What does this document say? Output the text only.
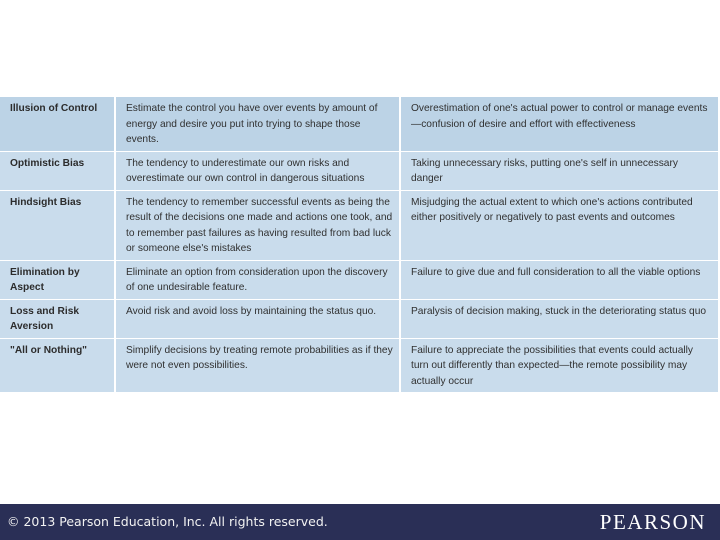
Illusion of Control	Estimate the control you have over events by amount of energy and desire you put into trying to shape those events.	Overestimation of one's actual power to control or manage events—confusion of desire and effort with effectiveness
Optimistic Bias	The tendency to underestimate our own risks and overestimate our own control in dangerous situations	Taking unnecessary risks, putting one's self in unnecessary danger
Hindsight Bias	The tendency to remember successful events as being the result of the decisions one made and actions one took, and to remember past failures as having resulted from bad luck or someone else's mistakes	Misjudging the actual extent to which one's actions contributed either positively or negatively to past events and outcomes
Elimination by Aspect	Eliminate an option from consideration upon the discovery of one undesirable feature.	Failure to give due and full consideration to all the viable options
Loss and Risk Aversion	Avoid risk and avoid loss by maintaining the status quo.	Paralysis of decision making, stuck in the deteriorating status quo
"All or Nothing"	Simplify decisions by treating remote probabilities as if they were not even possibilities.	Failure to appreciate the possibilities that events could actually turn out differently than expected—the remote possibility may actually occur
© 2013 Pearson Education, Inc. All rights reserved.	PEARSON
